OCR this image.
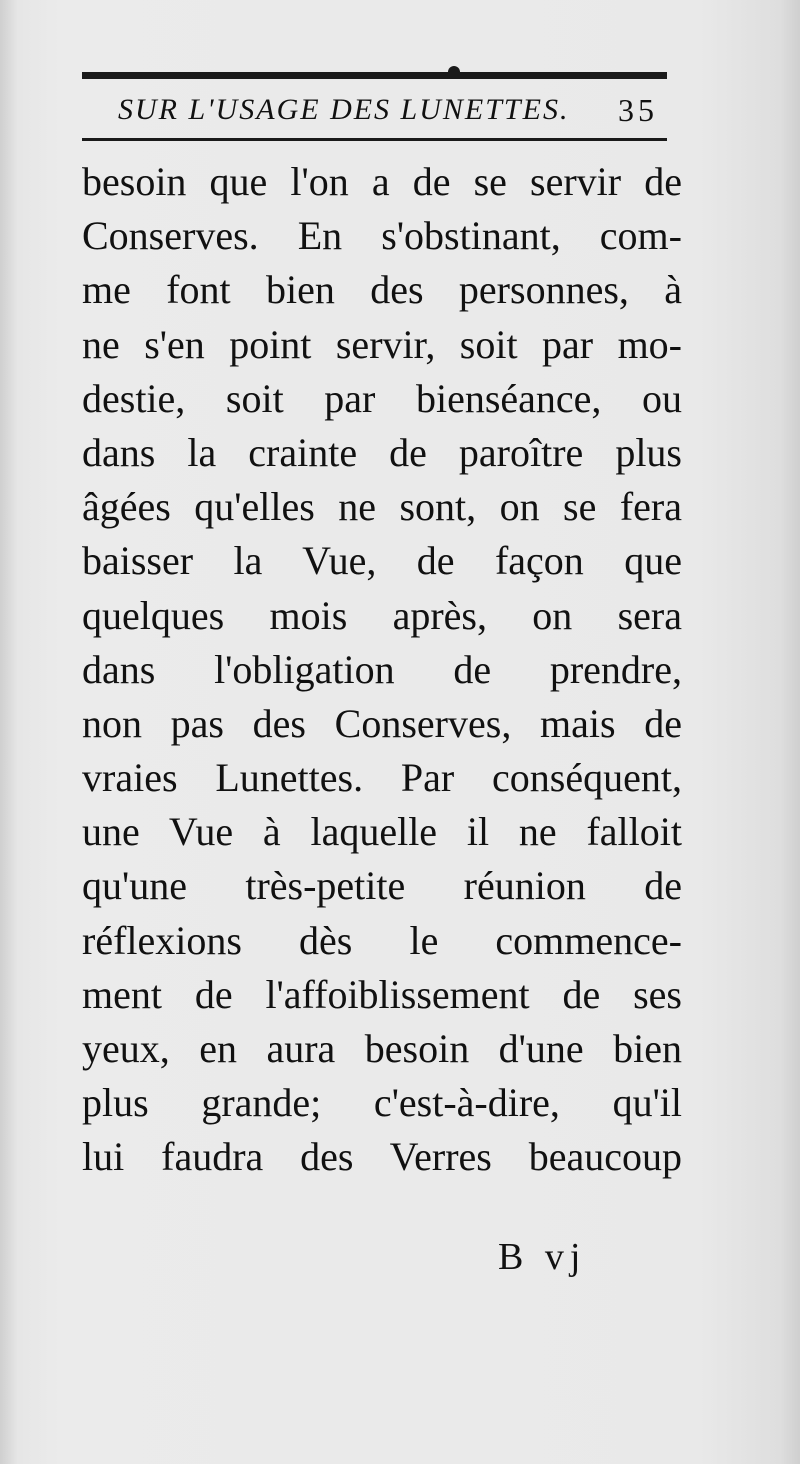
SUR L'USAGE DES LUNETTES. 35
besoin que l'on a de se servir de
Conserves. En s'obstinant, com-
me font bien des personnes, à
ne s'en point servir, soit par mo-
destie, soit par bienséance, ou
dans la crainte de paroître plus
âgées qu'elles ne sont, on se fera
baisser la Vue, de façon que
quelques mois après, on sera
dans l'obligation de prendre,
non pas des Conserves, mais de
vraies Lunettes. Par conséquent,
une Vue à laquelle il ne falloit
qu'une très-petite réunion de
réflexions dès le commence-
ment de l'affoiblissement de ses
yeux, en aura besoin d'une bien
plus grande; c'est-à-dire, qu'il
lui faudra des Verres beaucoup
B vj
